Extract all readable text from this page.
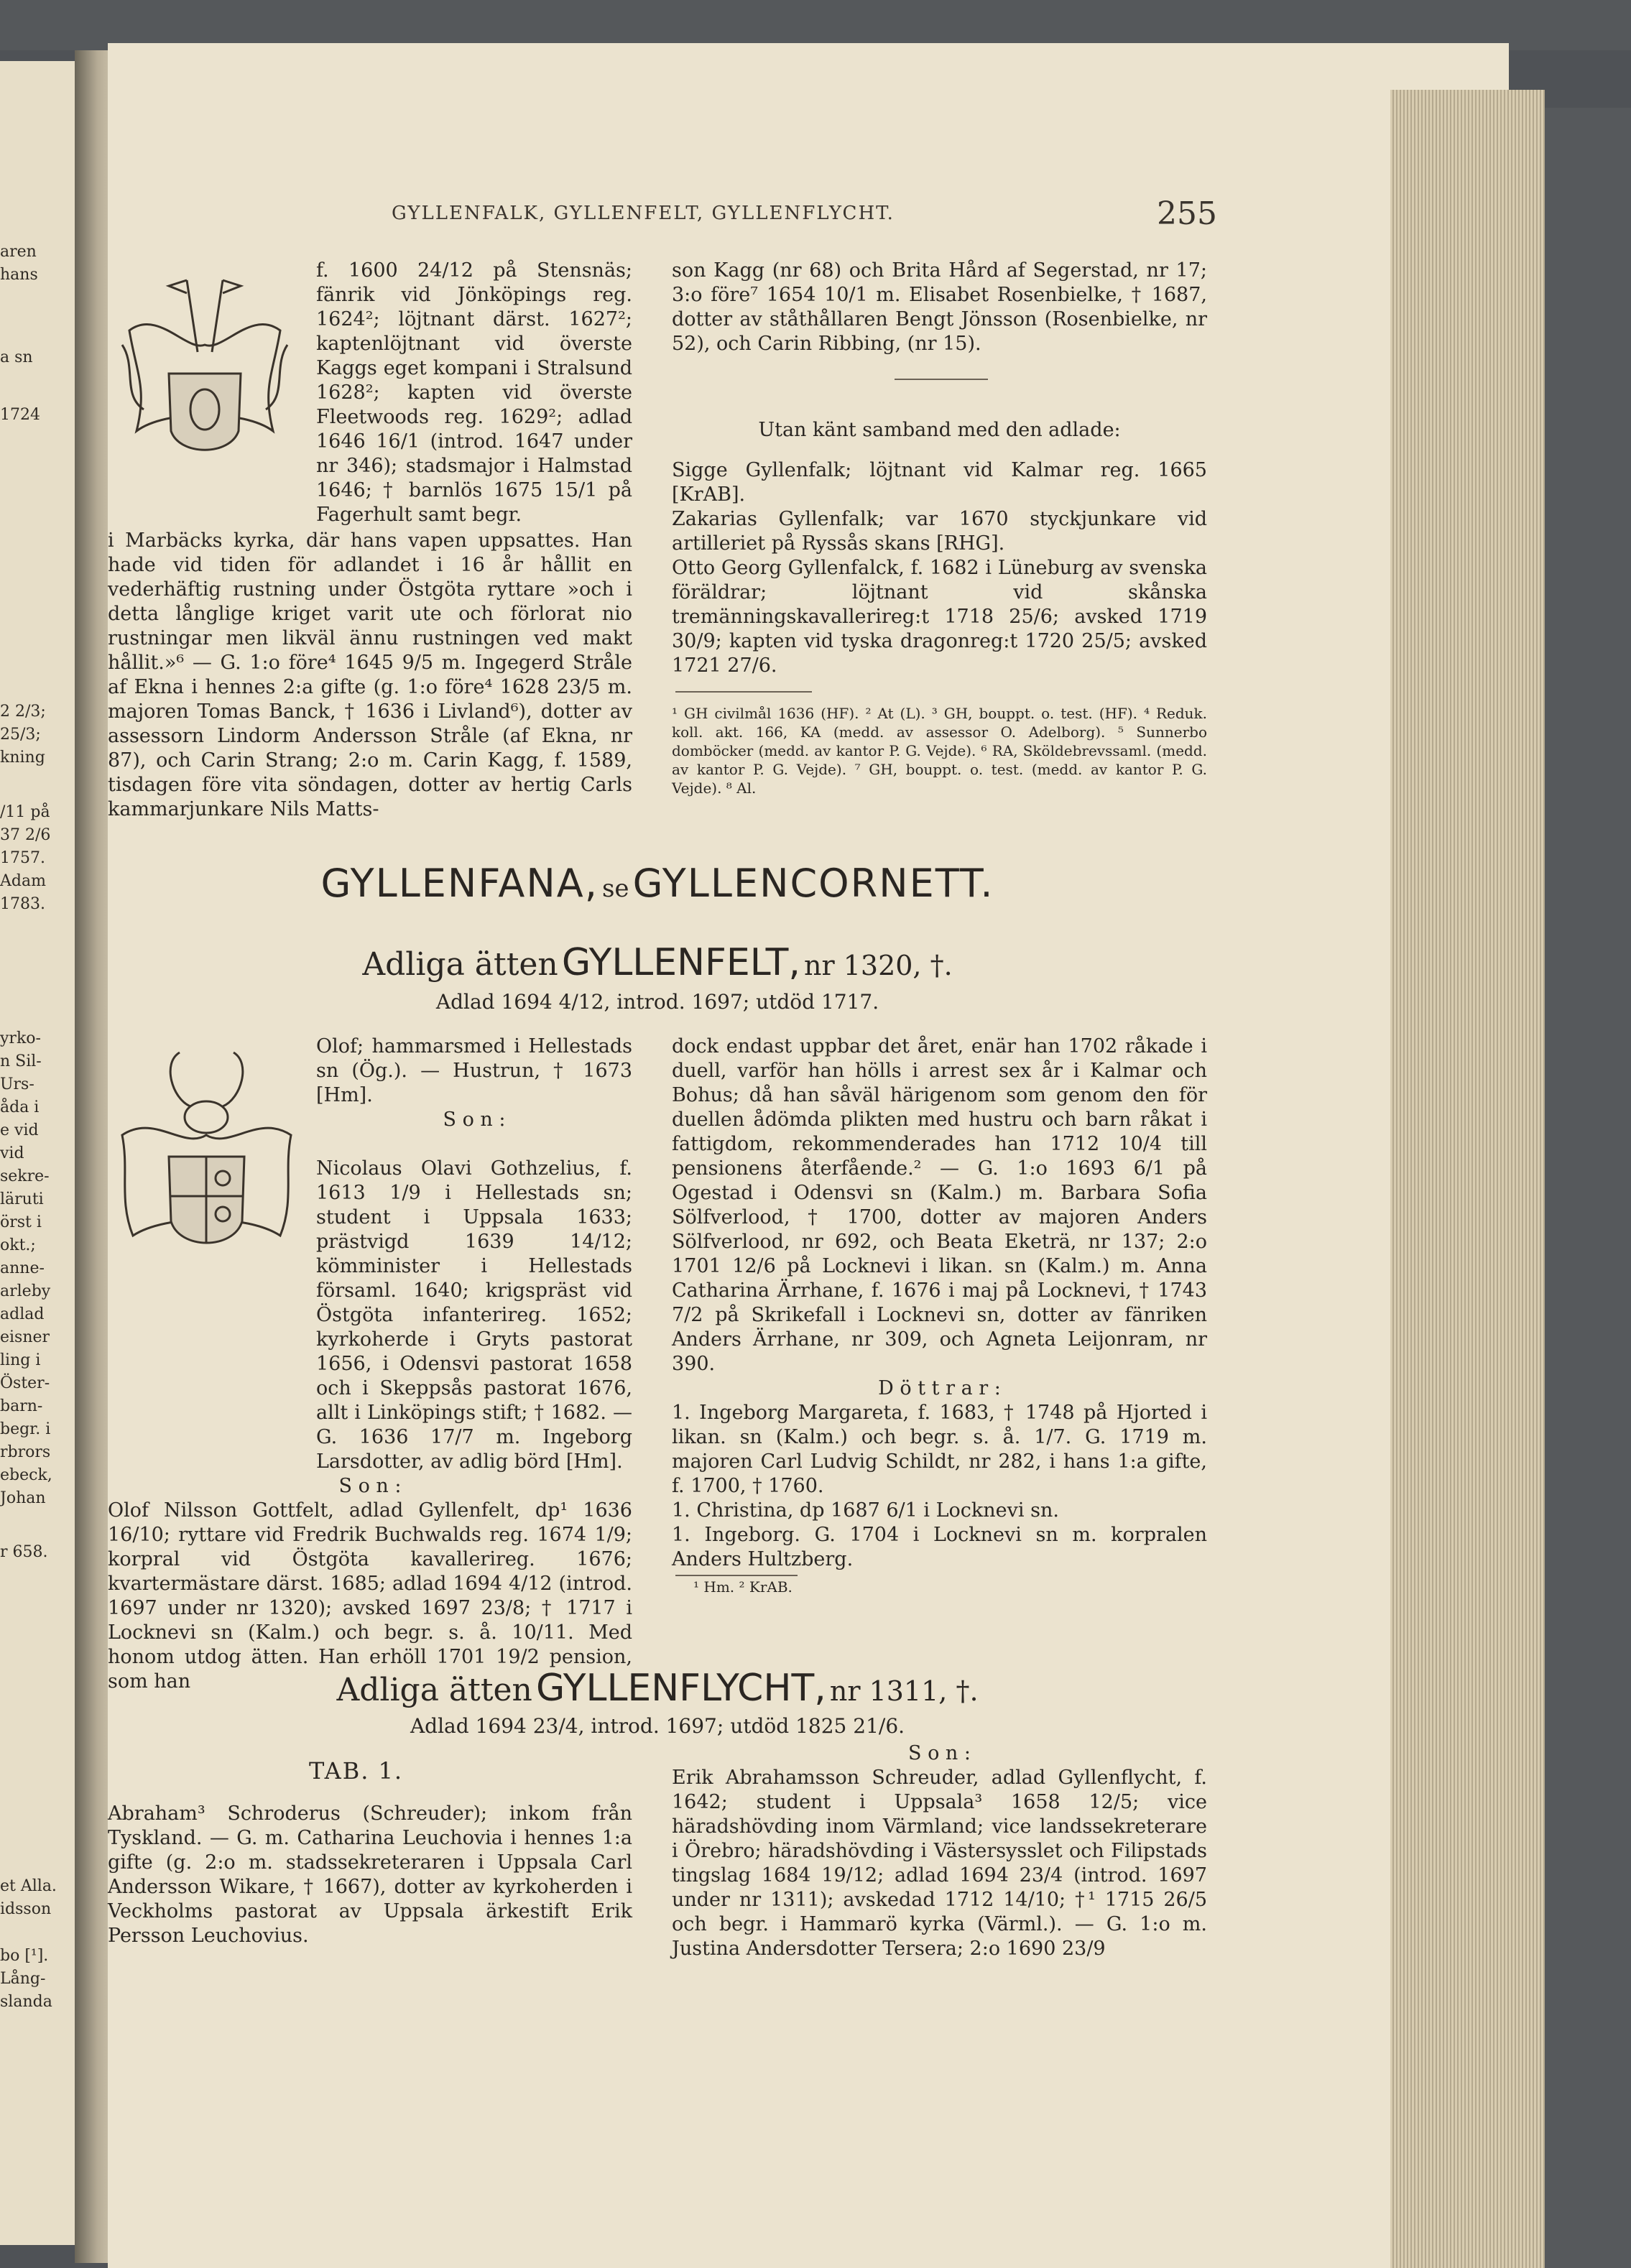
aren
hans
a sn
1724
2 2/3;
25/3;
kning
/11 på
37 2/6
1757.
Adam
1783.
yrko-
n Sil-
Urs-
åda i
e vid
vid
sekre-
läruti
örst i
okt.;
anne-
arleby
adlad
eisner
ling i
Öster-
barn-
begr. i
rbrors
ebeck,
Johan
r 658.
et Alla.
idsson
bo [¹].
Lång-
slanda
GYLLENFALK, GYLLENFELT, GYLLENFLYCHT.	255

f. 1600 24/12 på Stensnäs; fänrik vid Jönköpings reg. 1624²; löjtnant därst. 1627²; kaptenlöjtnant vid överste Kaggs eget kompani i Stralsund 1628²; kapten vid överste Fleetwoods reg. 1629²; adlad 1646 16/1 (introd. 1647 under nr 346); stadsmajor i Halmstad 1646; † barnlös 1675 15/1 på Fagerhult samt begr.

i Marbäcks kyrka, där hans vapen uppsattes. Han hade vid tiden för adlandet i 16 år hållit en vederhäftig rustning under Östgöta ryttare »och i detta långlige kriget varit ute och förlorat nio rustningar men likväl ännu rustningen ved makt hållit.»⁶ — G. 1:o före⁴ 1645 9/5 m. Ingegerd Stråle af Ekna i hennes 2:a gifte (g. 1:o före⁴ 1628 23/5 m. majoren Tomas Banck, † 1636 i Livland⁶), dotter av assessorn Lindorm Andersson Stråle (af Ekna, nr 87), och Carin Strang; 2:o m. Carin Kagg, f. 1589, tisdagen före vita söndagen, dotter av hertig Carls kammarjunkare Nils Matts-

son Kagg (nr 68) och Brita Hård af Segerstad, nr 17; 3:o före⁷ 1654 10/1 m. Elisabet Rosenbielke, † 1687, dotter av ståthållaren Bengt Jönsson (Rosenbielke, nr 52), och Carin Ribbing, (nr 15).

Utan känt samband med den adlade:

Sigge Gyllenfalk; löjtnant vid Kalmar reg. 1665 [KrAB].

Zakarias Gyllenfalk; var 1670 styckjunkare vid artilleriet på Ryssås skans [RHG].

Otto Georg Gyllenfalck, f. 1682 i Lüneburg av svenska föräldrar; löjtnant vid skånska tremänningskavallerireg:t 1718 25/6; avsked 1719 30/9; kapten vid tyska dragonreg:t 1720 25/5; avsked 1721 27/6.

¹ GH civilmål 1636 (HF). ² At (L). ³ GH, bouppt. o. test. (HF). ⁴ Reduk. koll. akt. 166, KA (medd. av assessor O. Adelborg). ⁵ Sunnerbo domböcker (medd. av kantor P. G. Vejde). ⁶ RA, Sköldebrevssaml. (medd. av kantor P. G. Vejde). ⁷ GH, bouppt. o. test. (medd. av kantor P. G. Vejde). ⁸ Al.
GYLLENFANA, se GYLLENCORNETT.
Adliga ätten GYLLENFELT, nr 1320, †.
Adlad 1694 4/12, introd. 1697; utdöd 1717.

Olof; hammarsmed i Hellestads sn (Ög.). — Hustrun, † 1673 [Hm].

S o n :

Nicolaus Olavi Gothzelius, f. 1613 1/9 i Hellestads sn; student i Uppsala 1633; prästvigd 1639 14/12; kömminister i Hellestads församl. 1640; krigspräst vid Östgöta infanterireg. 1652; kyrkoherde i Gryts pastorat 1656, i Odensvi pastorat 1658 och i Skeppsås pastorat 1676, allt i Linköpings stift; † 1682. — G. 1636 17/7 m. Ingeborg Larsdotter, av adlig börd [Hm].

S o n :

Olof Nilsson Gottfelt, adlad Gyllenfelt, dp¹ 1636 16/10; ryttare vid Fredrik Buchwalds reg. 1674 1/9; korpral vid Östgöta kavallerireg. 1676; kvartermästare därst. 1685; adlad 1694 4/12 (introd. 1697 under nr 1320); avsked 1697 23/8; † 1717 i Locknevi sn (Kalm.) och begr. s. å. 10/11. Med honom utdog ätten. Han erhöll 1701 19/2 pension, som han

dock endast uppbar det året, enär han 1702 råkade i duell, varför han hölls i arrest sex år i Kalmar och Bohus; då han såväl härigenom som genom den för duellen ådömda plikten med hustru och barn råkat i fattigdom, rekommenderades han 1712 10/4 till pensionens återfående.² — G. 1:o 1693 6/1 på Ogestad i Odensvi sn (Kalm.) m. Barbara Sofia Sölfverlood, † 1700, dotter av majoren Anders Sölfverlood, nr 692, och Beata Eketrä, nr 137; 2:o 1701 12/6 på Locknevi i likan. sn (Kalm.) m. Anna Catharina Ärrhane, f. 1676 i maj på Locknevi, † 1743 7/2 på Skrikefall i Locknevi sn, dotter av fänriken Anders Ärrhane, nr 309, och Agneta Leijonram, nr 390.

D ö t t r a r :

1. Ingeborg Margareta, f. 1683, † 1748 på Hjorted i likan. sn (Kalm.) och begr. s. å. 1/7. G. 1719 m. majoren Carl Ludvig Schildt, nr 282, i hans 1:a gifte, f. 1700, † 1760.

1. Christina, dp 1687 6/1 i Locknevi sn.

1. Ingeborg. G. 1704 i Locknevi sn m. korpralen Anders Hultzberg.

¹ Hm. ² KrAB.
Adliga ätten GYLLENFLYCHT, nr 1311, †.
Adlad 1694 23/4, introd. 1697; utdöd 1825 21/6.
TAB. 1.

Abraham³ Schroderus (Schreuder); inkom från Tyskland. — G. m. Catharina Leuchovia i hennes 1:a gifte (g. 2:o m. stadssekreteraren i Uppsala Carl Andersson Wikare, † 1667), dotter av kyrkoherden i Veckholms pastorat av Uppsala ärkestift Erik Persson Leuchovius.

S o n :

Erik Abrahamsson Schreuder, adlad Gyllenflycht, f. 1642; student i Uppsala³ 1658 12/5; vice häradshövding inom Värmland; vice landssekreterare i Örebro; häradshövding i Västersysslet och Filipstads tingslag 1684 19/12; adlad 1694 23/4 (introd. 1697 under nr 1311); avskedad 1712 14/10; †¹ 1715 26/5 och begr. i Hammarö kyrka (Värml.). — G. 1:o m. Justina Andersdotter Tersera; 2:o 1690 23/9
